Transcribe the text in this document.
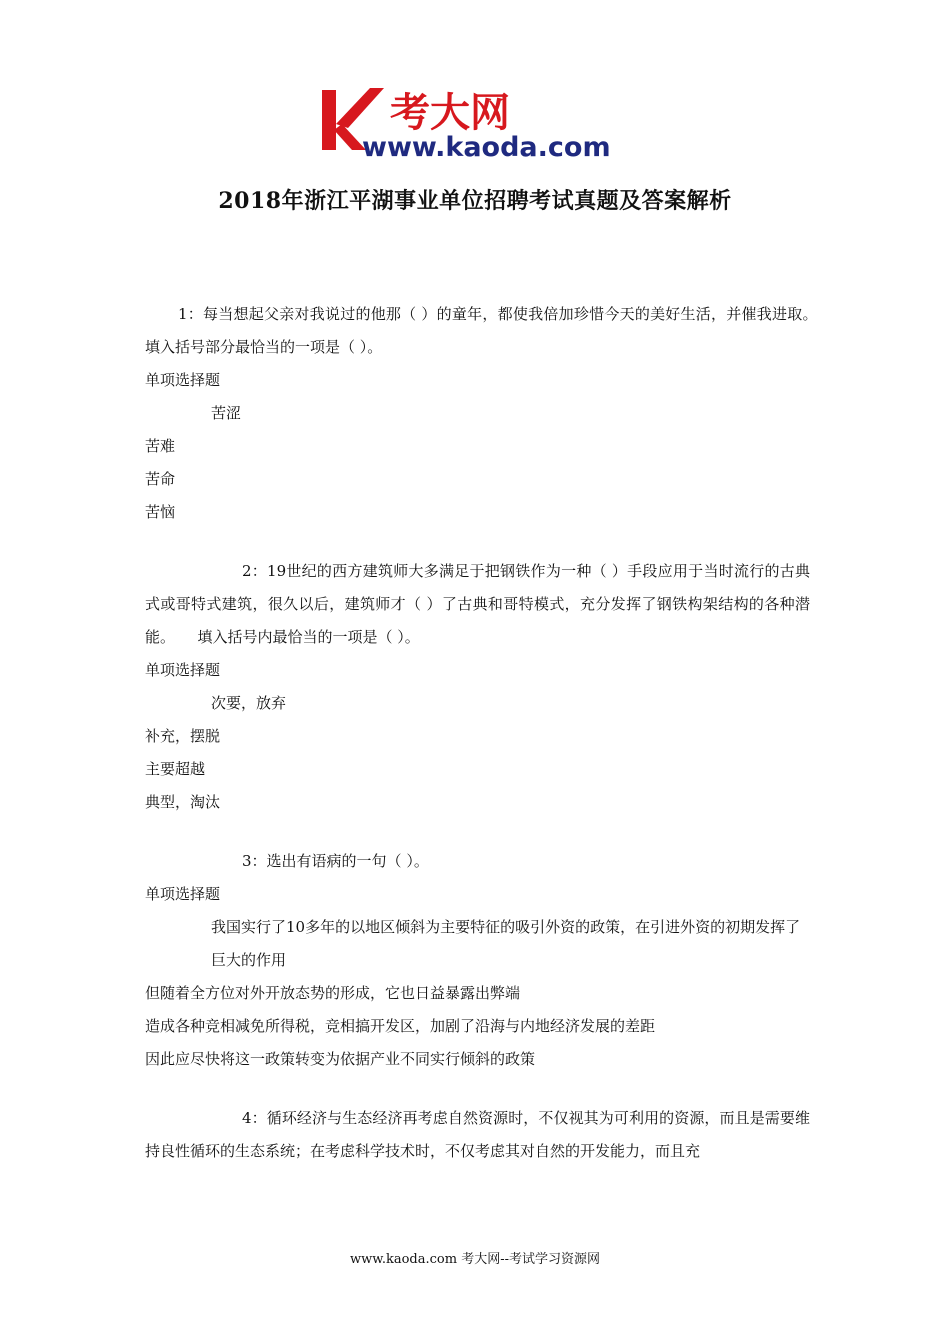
考大网
www.kaoda.com
2018年浙江平湖事业单位招聘考试真题及答案解析

1：每当想起父亲对我说过的他那（ ）的童年，都使我倍加珍惜今天的美好生活，并催我进取。　　填入括号部分最恰当的一项是（ ）。

单项选择题

苦涩

苦难

苦命

苦恼

2：19世纪的西方建筑师大多满足于把钢铁作为一种（ ）手段应用于当时流行的古典式或哥特式建筑，很久以后，建筑师才（ ）了古典和哥特模式，充分发挥了钢铁构架结构的各种潜能。　　填入括号内最恰当的一项是（ ）。

单项选择题

次要，放弃

补充，摆脱

主要超越

典型，淘汰

3：选出有语病的一句（ ）。

单项选择题

我国实行了10多年的以地区倾斜为主要特征的吸引外资的政策，在引进外资的初期发挥了巨大的作用

但随着全方位对外开放态势的形成，它也日益暴露出弊端

造成各种竞相减免所得税，竞相搞开发区，加剧了沿海与内地经济发展的差距

因此应尽快将这一政策转变为依据产业不同实行倾斜的政策

4：循环经济与生态经济再考虑自然资源时，不仅视其为可利用的资源，而且是需要维持良性循环的生态系统；在考虑科学技术时，不仅考虑其对自然的开发能力，而且充

www.kaoda.com 考大网--考试学习资源网
